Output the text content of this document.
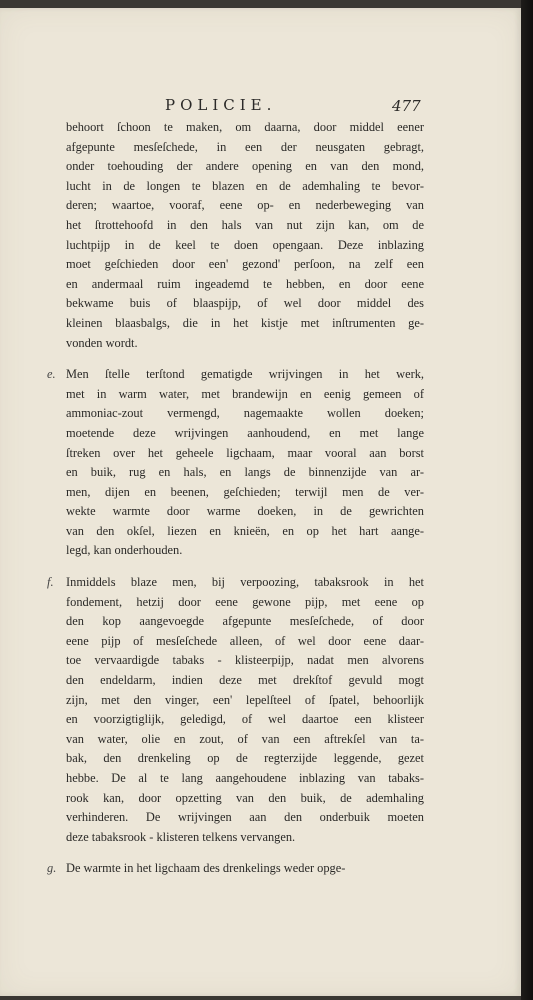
POLICIE.	477
behoort ſchoon te maken, om daarna, door middel eener
afgepunte mesſeſchede, in een der neusgaten gebragt,
onder toehouding der andere opening en van den mond,
lucht in de longen te blazen en de ademhaling te bevor-
deren; waartoe, vooraf, eene op- en nederbeweging van
het ſtrottehoofd in den hals van nut zijn kan, om de
luchtpijp in de keel te doen opengaan. Deze inblazing
moet geſchieden door een' gezond' perſoon, na zelf een
en andermaal ruim ingeademd te hebben, en door eene
bekwame buis of blaaspijp, of wel door middel des
kleinen blaasbalgs, die in het kistje met inſtrumenten ge-
vonden wordt.
e. Men ſtelle terſtond gematigde wrijvingen in het werk,
met in warm water, met brandewijn en eenig gemeen of
ammoniac-zout vermengd, nagemaakte wollen doeken;
moetende deze wrijvingen aanhoudend, en met lange
ſtreken over het geheele ligchaam, maar vooral aan borst
en buik, rug en hals, en langs de binnenzijde van ar-
men, dijen en beenen, geſchieden; terwijl men de ver-
wekte warmte door warme doeken, in de gewrichten
van den okſel, liezen en knieën, en op het hart aange-
legd, kan onderhouden.
f. Inmiddels blaze men, bij verpoozing, tabaksrook in het
fondement, hetzij door eene gewone pijp, met eene op
den kop aangevoegde afgepunte mesſeſchede, of door
eene pijp of mesſeſchede alleen, of wel door eene daar-
toe vervaardigde tabaks - klisteerpijp, nadat men alvorens
den endeldarm, indien deze met drekſtof gevuld mogt
zijn, met den vinger, een' lepelſteel of ſpatel, behoorlijk
en voorzigtiglijk, geledigd, of wel daartoe een klisteer
van water, olie en zout, of van een aftrekſel van ta-
bak, den drenkeling op de regterzijde leggende, gezet
hebbe. De al te lang aangehoudene inblazing van tabaks-
rook kan, door opzetting van den buik, de ademhaling
verhinderen. De wrijvingen aan den onderbuik moeten
deze tabaksrook - klisteren telkens vervangen.
g. De warmte in het ligchaam des drenkelings weder opge-
